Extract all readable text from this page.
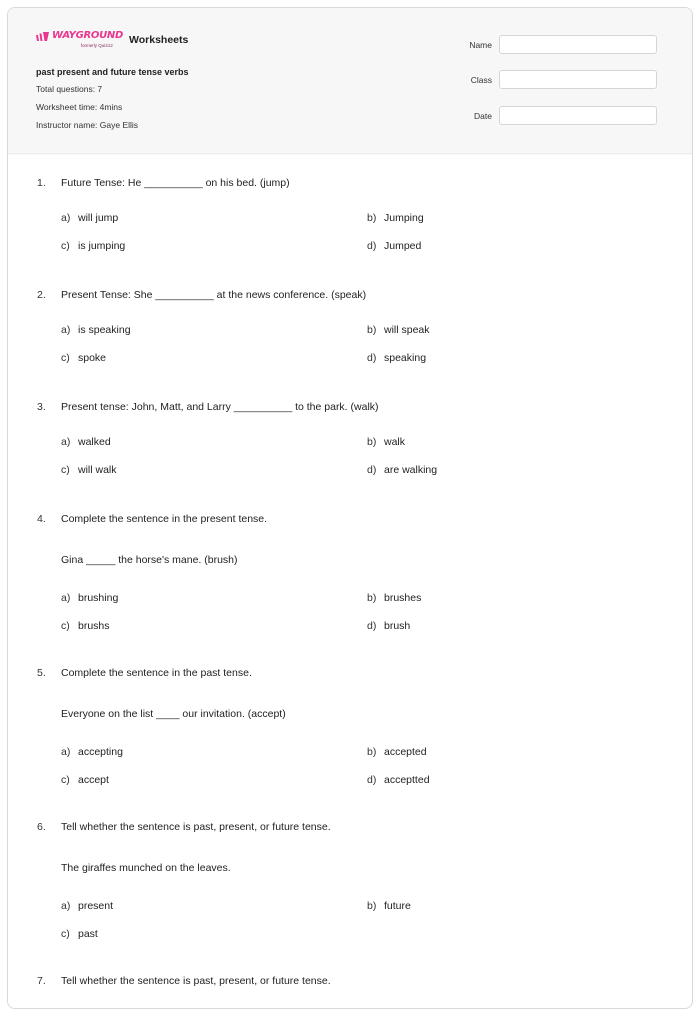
WAYGROUND
formerly Quizizz Worksheets
past present and future tense verbs
Total questions: 7
Worksheet time: 4mins
Instructor name: Gaye Ellis
Name
Class
Date
1. Future Tense: He __________ on his bed. (jump)
a) will jump	b) Jumping
c) is jumping	d) Jumped
2. Present Tense: She __________ at the news conference. (speak)
a) is speaking	b) will speak
c) spoke	d) speaking
3. Present tense: John, Matt, and Larry __________ to the park. (walk)
a) walked	b) walk
c) will walk	d) are walking
4. Complete the sentence in the present tense.
Gina _____ the horse's mane. (brush)
a) brushing	b) brushes
c) brushs	d) brush
5. Complete the sentence in the past tense.
Everyone on the list ____ our invitation. (accept)
a) accepting	b) accepted
c) accept	d) acceptted
6. Tell whether the sentence is past, present, or future tense.
The giraffes munched on the leaves.
a) present	b) future
c) past
7. Tell whether the sentence is past, present, or future tense.
